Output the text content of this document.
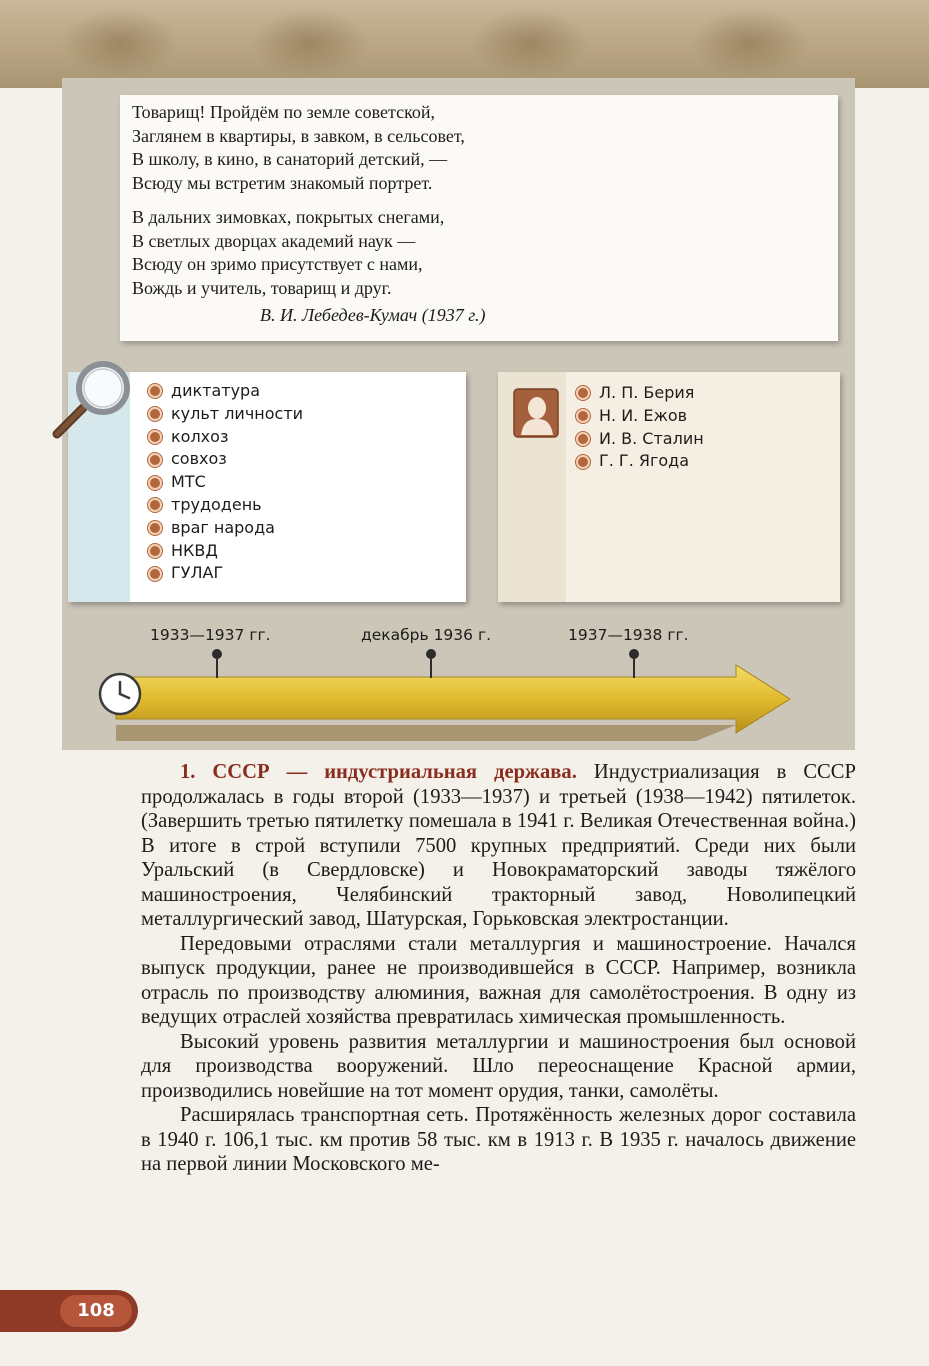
Товарищ! Пройдём по земле советской,
Заглянем в квартиры, в завком, в сельсовет,
В школу, в кино, в санаторий детский, —
Всюду мы встретим знакомый портрет.
В дальних зимовках, покрытых снегами,
В светлых дворцах академий наук —
Всюду он зримо присутствует с нами,
Вождь и учитель, товарищ и друг.
В. И. Лебедев-Кумач (1937 г.)
диктатура
культ личности
колхоз
совхоз
МТС
трудодень
враг народа
НКВД
ГУЛАГ
Л. П. Берия
Н. И. Ежов
И. В. Сталин
Г. Г. Ягода
1933—1937 гг.	декабрь 1936 г.	1937—1938 гг.

1. СССР — индустриальная держава. Индустриализация в СССР продолжалась в годы второй (1933—1937) и третьей (1938—1942) пятилеток. (Завершить третью пятилетку помешала в 1941 г. Великая Отечественная война.) В итоге в строй вступили 7500 крупных предприятий. Среди них были Уральский (в Свердловске) и Новокраматорский заводы тяжёлого машиностроения, Челябинский тракторный завод, Новолипецкий металлургический завод, Шатурская, Горьковская электростанции.

Передовыми отраслями стали металлургия и машиностроение. Начался выпуск продукции, ранее не производившейся в СССР. Например, возникла отрасль по производству алюминия, важная для самолётостроения. В одну из ведущих отраслей хозяйства превратилась химическая промышленность.

Высокий уровень развития металлургии и машиностроения был основой для производства вооружений. Шло переоснащение Красной армии, производились новейшие на тот момент орудия, танки, самолёты.

Расширялась транспортная сеть. Протяжённость железных дорог составила в 1940 г. 106,1 тыс. км против 58 тыс. км в 1913 г. В 1935 г. началось движение на первой линии Московского ме-

108
